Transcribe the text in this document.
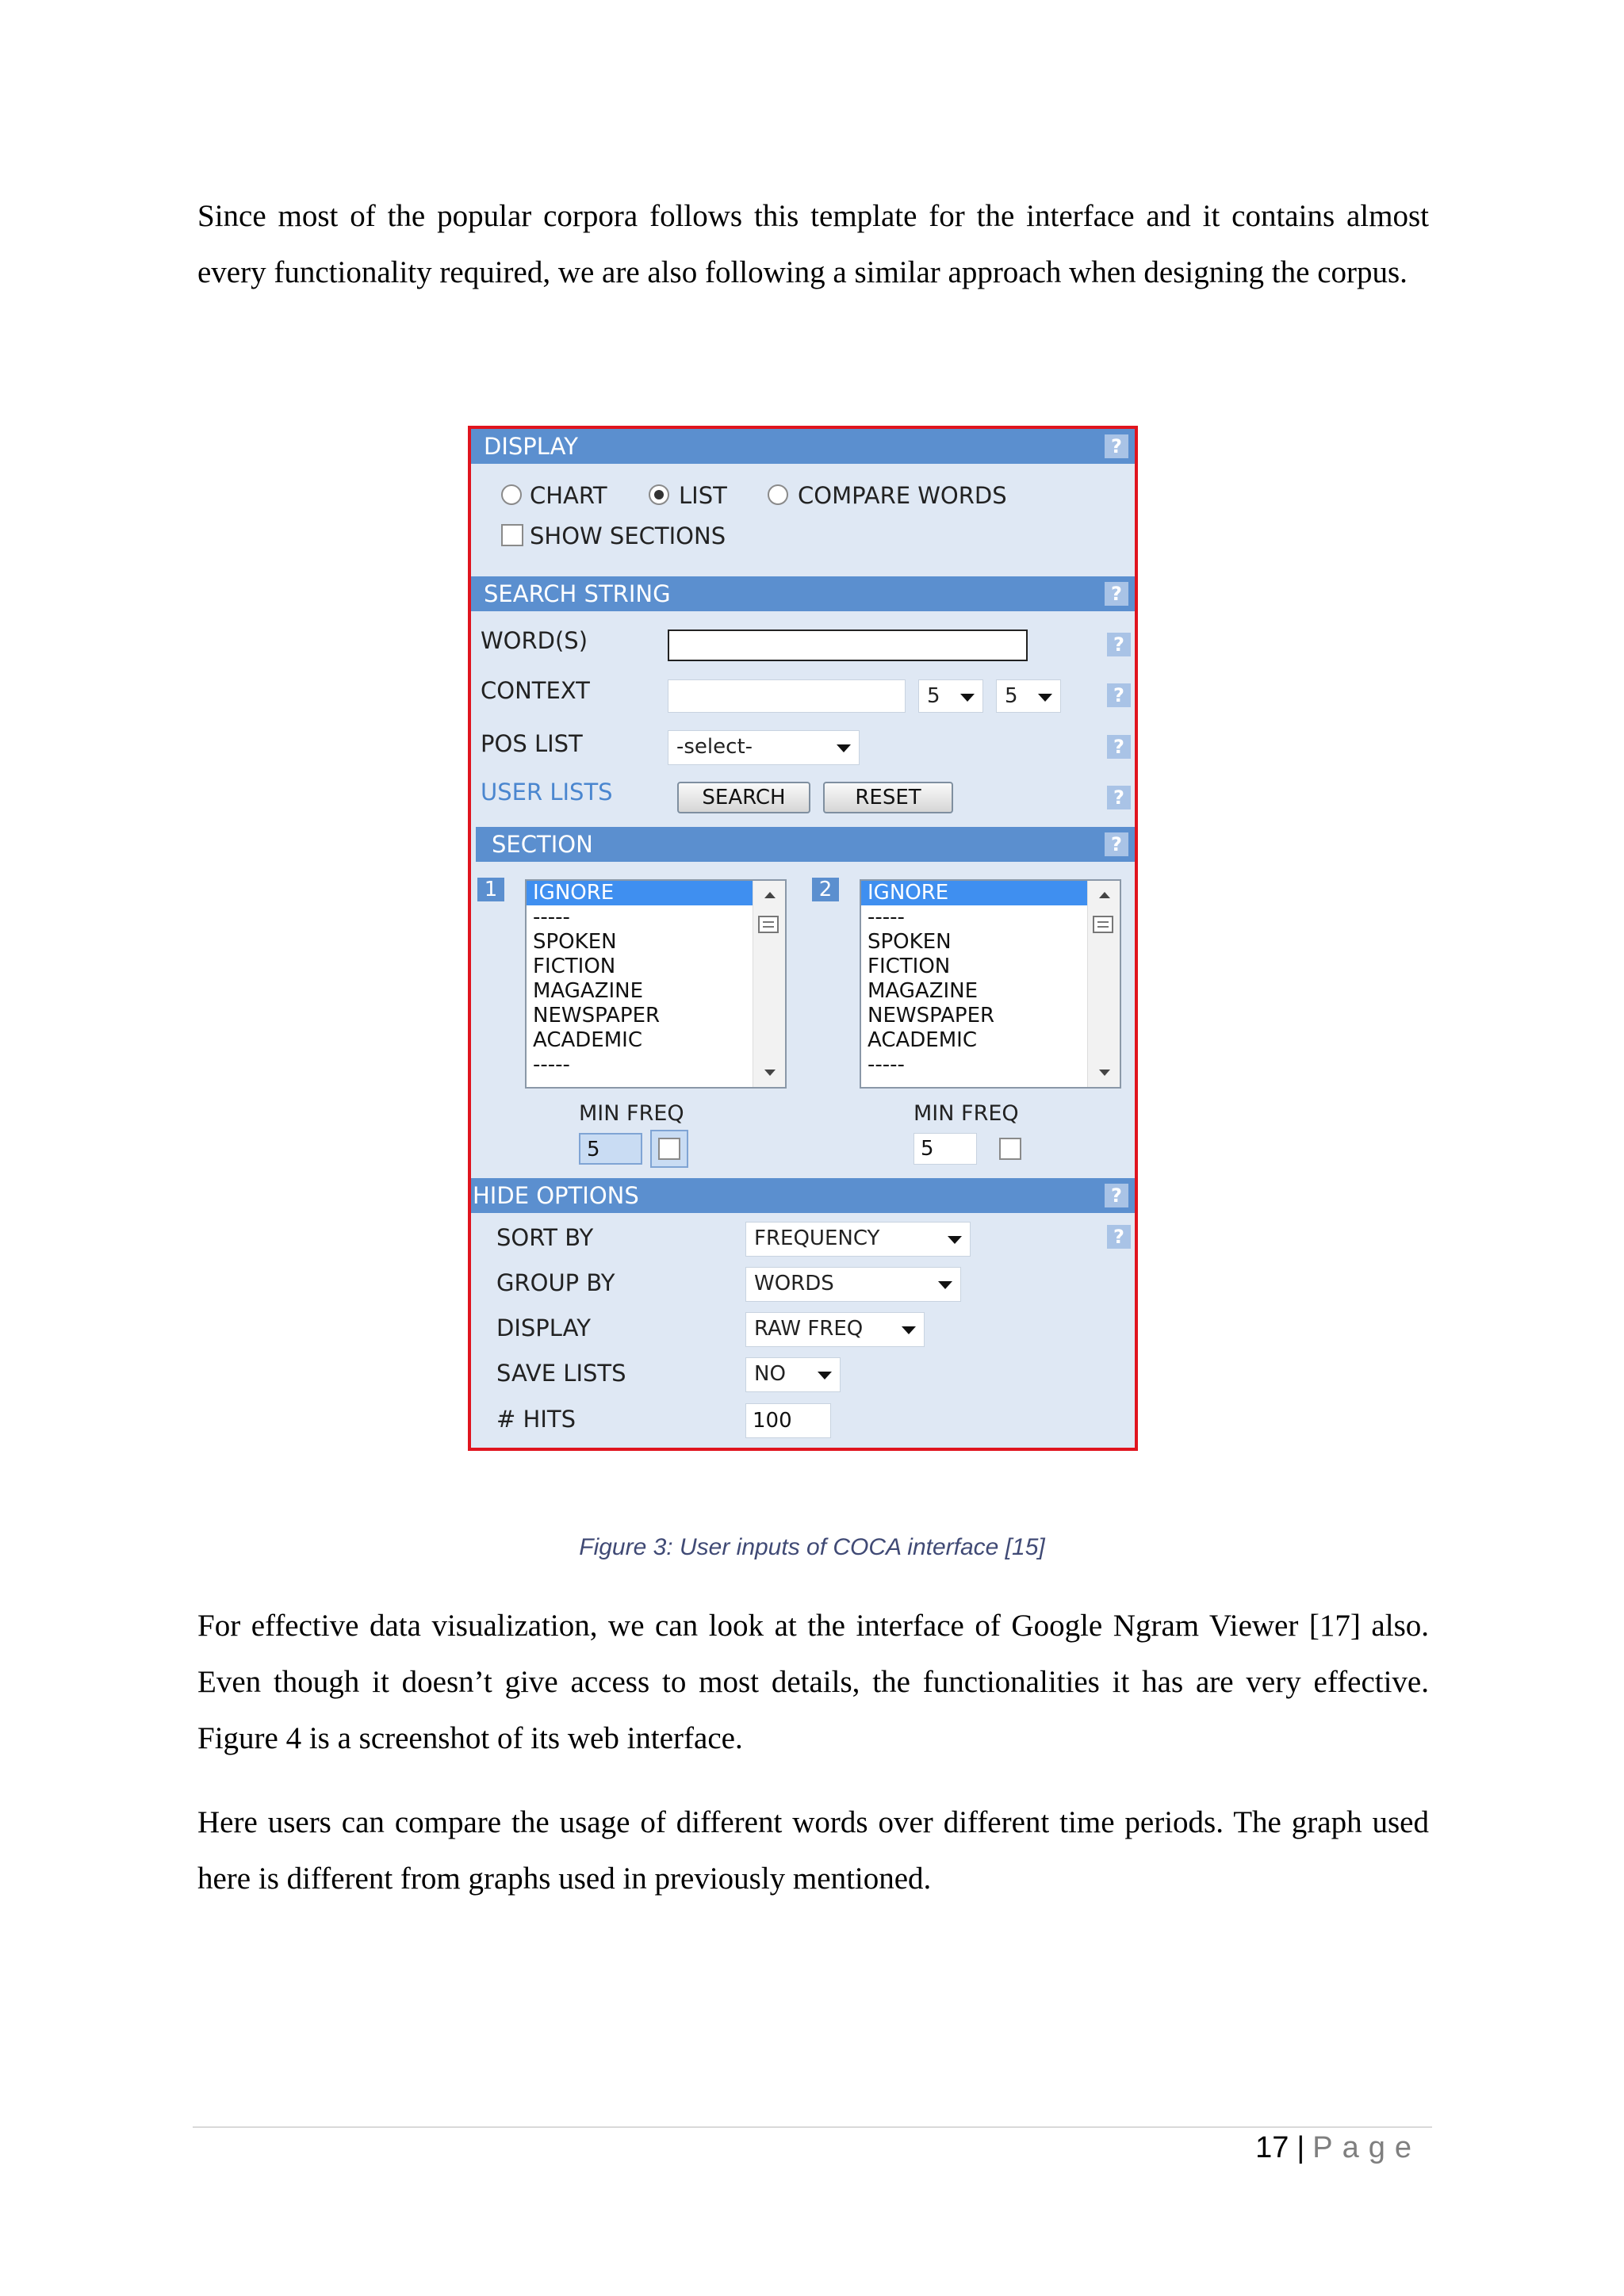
Since most of the popular corpora follows this template for the interface and it contains almost every functionality required, we are also following a similar approach when designing the corpus.

DISPLAY	?
CHART	LIST	COMPARE WORDS
SHOW SECTIONS
SEARCH STRING	?
WORD(S)	?
CONTEXT	5	5	?
POS LIST	-select-	?
USER LISTS	SEARCH	RESET	?
SECTION	?
1	IGNORE
-----
SPOKEN
FICTION
MAGAZINE
NEWSPAPER
ACADEMIC
-----
MIN FREQ
5
2	IGNORE
-----
SPOKEN
FICTION
MAGAZINE
NEWSPAPER
ACADEMIC
-----
MIN FREQ
5
HIDE OPTIONS	?
SORT BY	FREQUENCY	?
GROUP BY	WORDS
DISPLAY	RAW FREQ
SAVE LISTS	NO
# HITS	100
Figure 3: User inputs of COCA interface [15]

For effective data visualization, we can look at the interface of Google Ngram Viewer [17] also. Even though it doesn’t give access to most details, the functionalities it has are very effective. Figure 4 is a screenshot of its web interface.

Here users can compare the usage of different words over different time periods. The graph used here is different from graphs used in previously mentioned.

17 | Page
